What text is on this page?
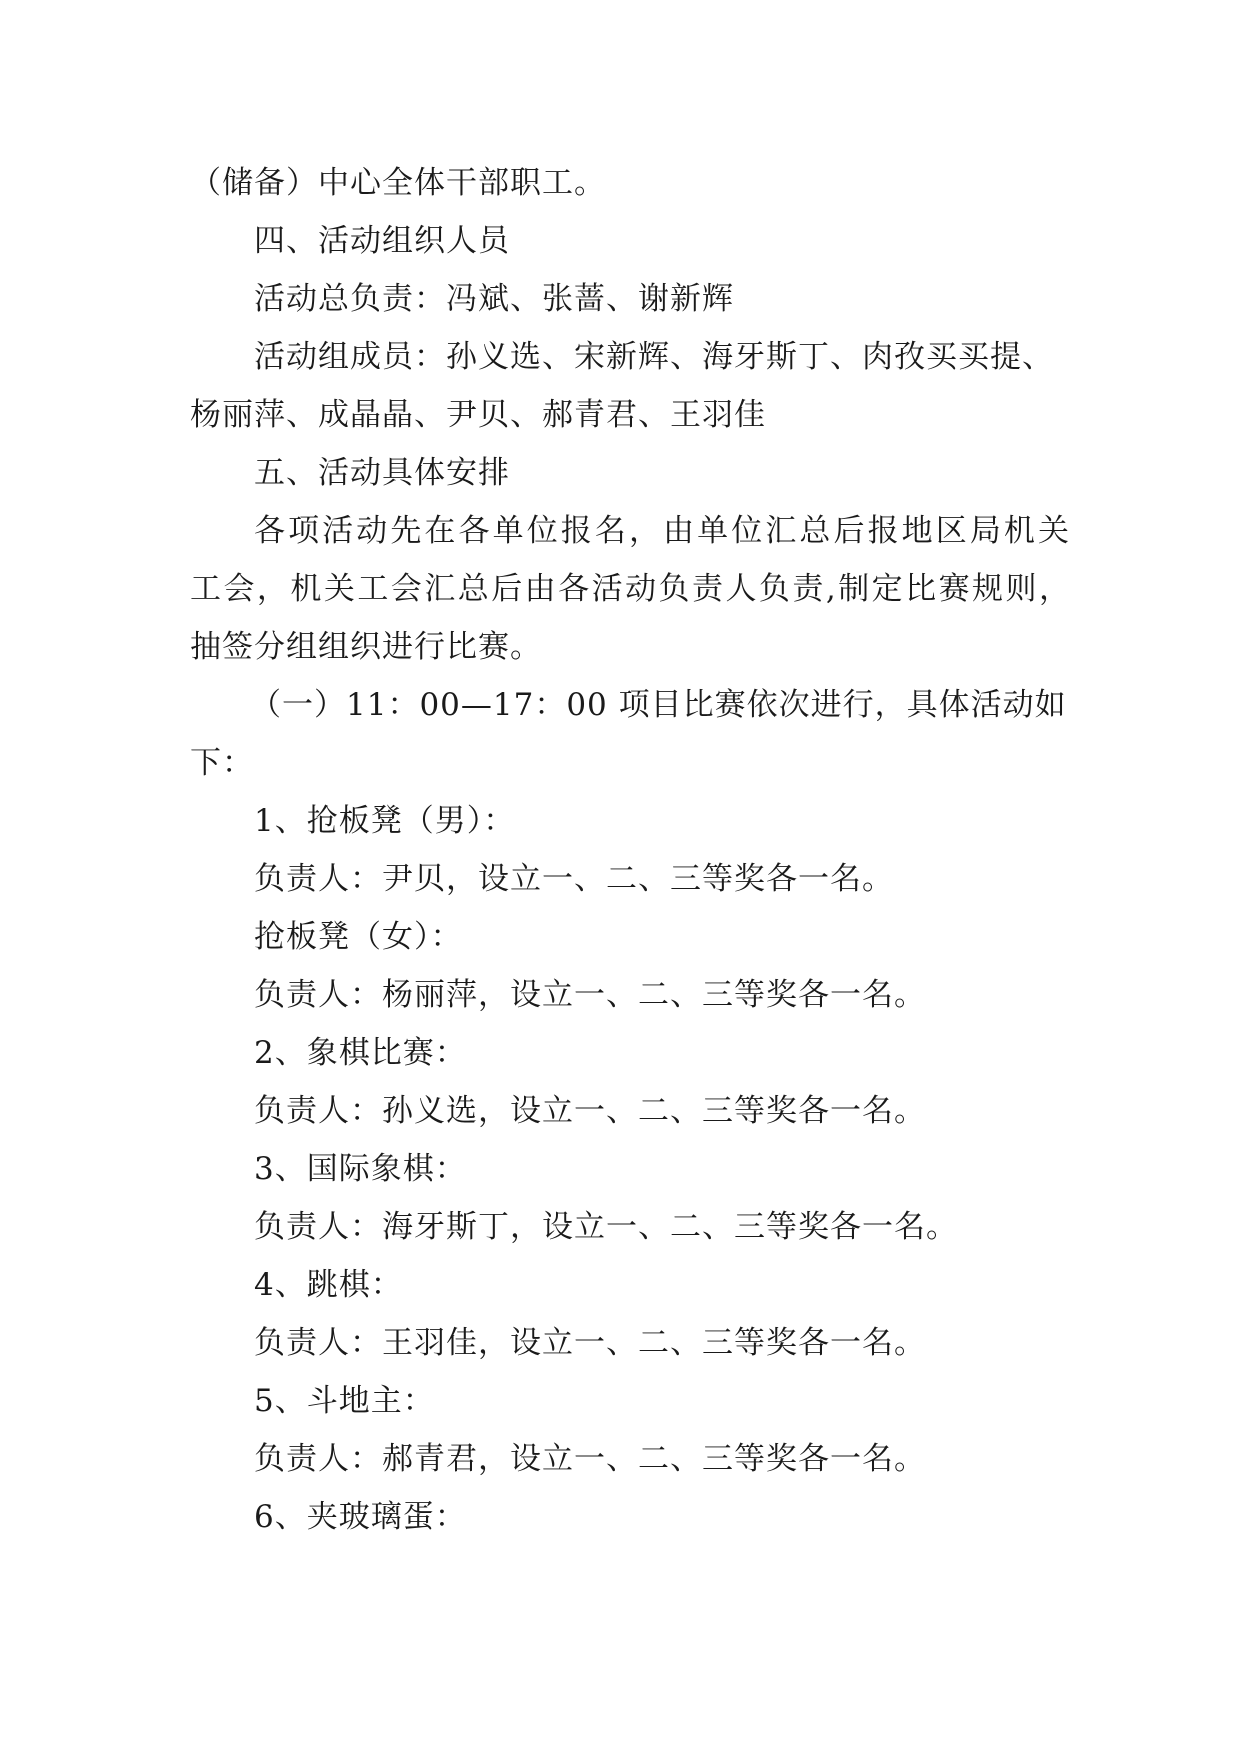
（储备）中心全体干部职工。
四、活动组织人员
活动总负责：冯斌、张蔷、谢新辉
活动组成员：孙义选、宋新辉、海牙斯丁、肉孜买买提、
杨丽萍、成晶晶、尹贝、郝青君、王羽佳
五、活动具体安排
各项活动先在各单位报名，由单位汇总后报地区局机关
工会，机关工会汇总后由各活动负责人负责,制定比赛规则，
抽签分组组织进行比赛。
（一）11：00—17：00 项目比赛依次进行，具体活动如
下：
1、抢板凳（男）：
负责人：尹贝，设立一、二、三等奖各一名。
抢板凳（女）：
负责人：杨丽萍，设立一、二、三等奖各一名。
2、象棋比赛：
负责人：孙义选，设立一、二、三等奖各一名。
3、国际象棋：
负责人：海牙斯丁，设立一、二、三等奖各一名。
4、跳棋：
负责人：王羽佳，设立一、二、三等奖各一名。
5、斗地主：
负责人：郝青君，设立一、二、三等奖各一名。
6、夹玻璃蛋：
